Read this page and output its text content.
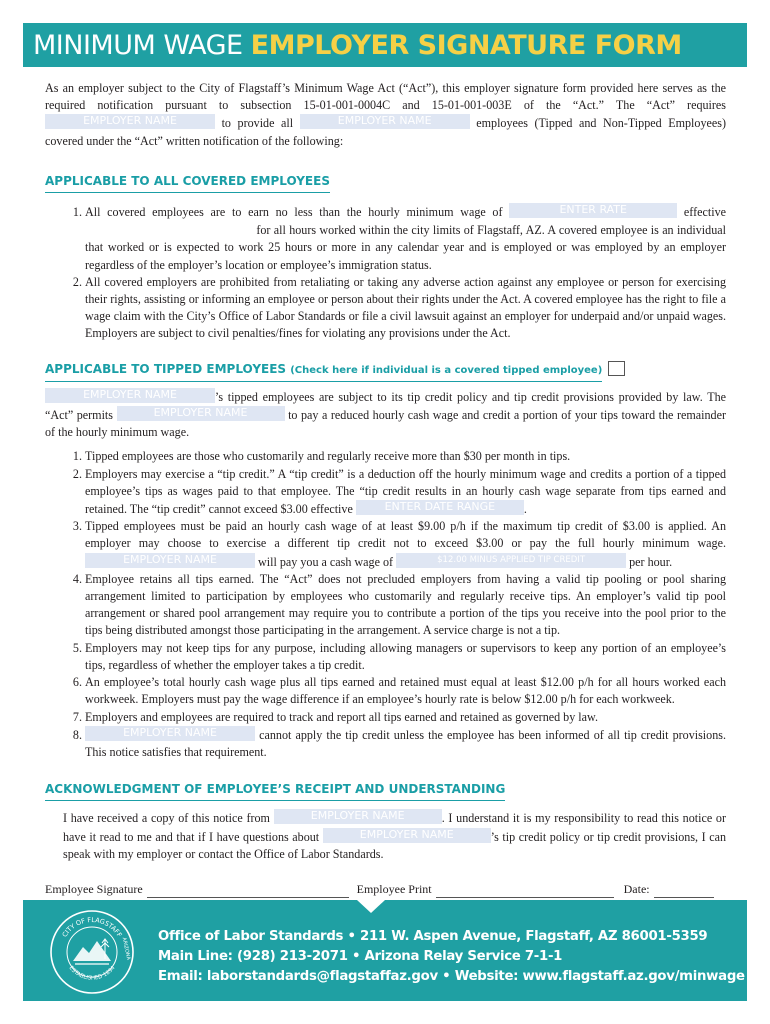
MINIMUM WAGE EMPLOYER SIGNATURE FORM

As an employer subject to the City of Flagstaff’s Minimum Wage Act (“Act”), this employer signature form provided here serves as the required notification pursuant to subsection 15-01-001-0004C and 15-01-001-003E of the “Act.” The “Act” requires EMPLOYER NAME	to provide all	EMPLOYER NAME	employees (Tipped and Non-Tipped Employees) covered under the “Act” written notification of the following:

APPLICABLE TO ALL COVERED EMPLOYEES
1. All covered employees are to earn no less than the hourly minimum wage of	ENTER RATE	effective  for all hours worked within the city limits of Flagstaff, AZ. A covered employee is an individual that worked or is expected to work 25 hours or more in any calendar year and is employed or was employed by an employer regardless of the employer’s location or employee’s immigration status.
2. All covered employers are prohibited from retaliating or taking any adverse action against any employee or person for exercising their rights, assisting or informing an employee or person about their rights under the Act. A covered employee has the right to file a wage claim with the City’s Office of Labor Standards or file a civil lawsuit against an employer for underpaid and/or unpaid wages. Employers are subject to civil penalties/fines for violating any provisions under the Act.
APPLICABLE TO TIPPED EMPLOYEES (Check here if individual is a covered tipped employee)

EMPLOYER NAME	’s tipped employees are subject to its tip credit policy and tip credit provisions provided by law. The “Act” permits	EMPLOYER NAME	to pay a reduced hourly cash wage and credit a portion of your tips toward the remainder of the hourly minimum wage.

1. Tipped employees are those who customarily and regularly receive more than $30 per month in tips.
2. Employers may exercise a “tip credit.” A “tip credit” is a deduction off the hourly minimum wage and credits a portion of a tipped employee’s tips as wages paid to that employee. The “tip credit results in an hourly cash wage separate from tips earned and retained. The “tip credit” cannot exceed $3.00 effective	ENTER DATE RANGE .
3. Tipped employees must be paid an hourly cash wage of at least $9.00 p/h if the maximum tip credit of $3.00 is applied. An employer may choose to exercise a different tip credit not to exceed $3.00 or pay the full hourly minimum wage. EMPLOYER NAME	will pay you a cash wage of	$12.00 MINUS APPLIED TIP CREDIT	per hour.
4. Employee retains all tips earned. The “Act” does not precluded employers from having a valid tip pooling or pool sharing arrangement limited to participation by employees who customarily and regularly receive tips. An employer’s valid tip pool arrangement or shared pool arrangement may require you to contribute a portion of the tips you receive into the pool prior to the tips being distributed amongst those participating in the arrangement. A service charge is not a tip.
5. Employers may not keep tips for any purpose, including allowing managers or supervisors to keep any portion of an employee’s tips, regardless of whether the employer takes a tip credit.
6. An employee’s total hourly cash wage plus all tips earned and retained must equal at least $12.00 p/h for all hours worked each workweek. Employers must pay the wage difference if an employee’s hourly rate is below $12.00 p/h for each workweek.
7. Employers and employees are required to track and report all tips earned and retained as governed by law.
8. EMPLOYER NAME	cannot apply the tip credit unless the employee has been informed of all tip credit provisions. This notice satisfies that requirement.
ACKNOWLEDGMENT OF EMPLOYEE’S RECEIPT AND UNDERSTANDING

I have received a copy of this notice from	EMPLOYER NAME	. I understand it is my responsibility to read this notice or have it read to me and that if I have questions about	EMPLOYER NAME	’s tip credit policy or tip credit provisions, I can speak with my employer or contact the Office of Labor Standards.

Employee Signature	Employee Print	Date:
CITY OF FLAGSTAFF
ESTABLISHED 1894
ARIZONA
Office of Labor Standards • 211 W. Aspen Avenue, Flagstaff, AZ 86001-5359
Main Line: (928) 213-2071 • Arizona Relay Service 7-1-1
Email: laborstandards@flagstaffaz.gov • Website: www.flagstaff.az.gov/minwage
